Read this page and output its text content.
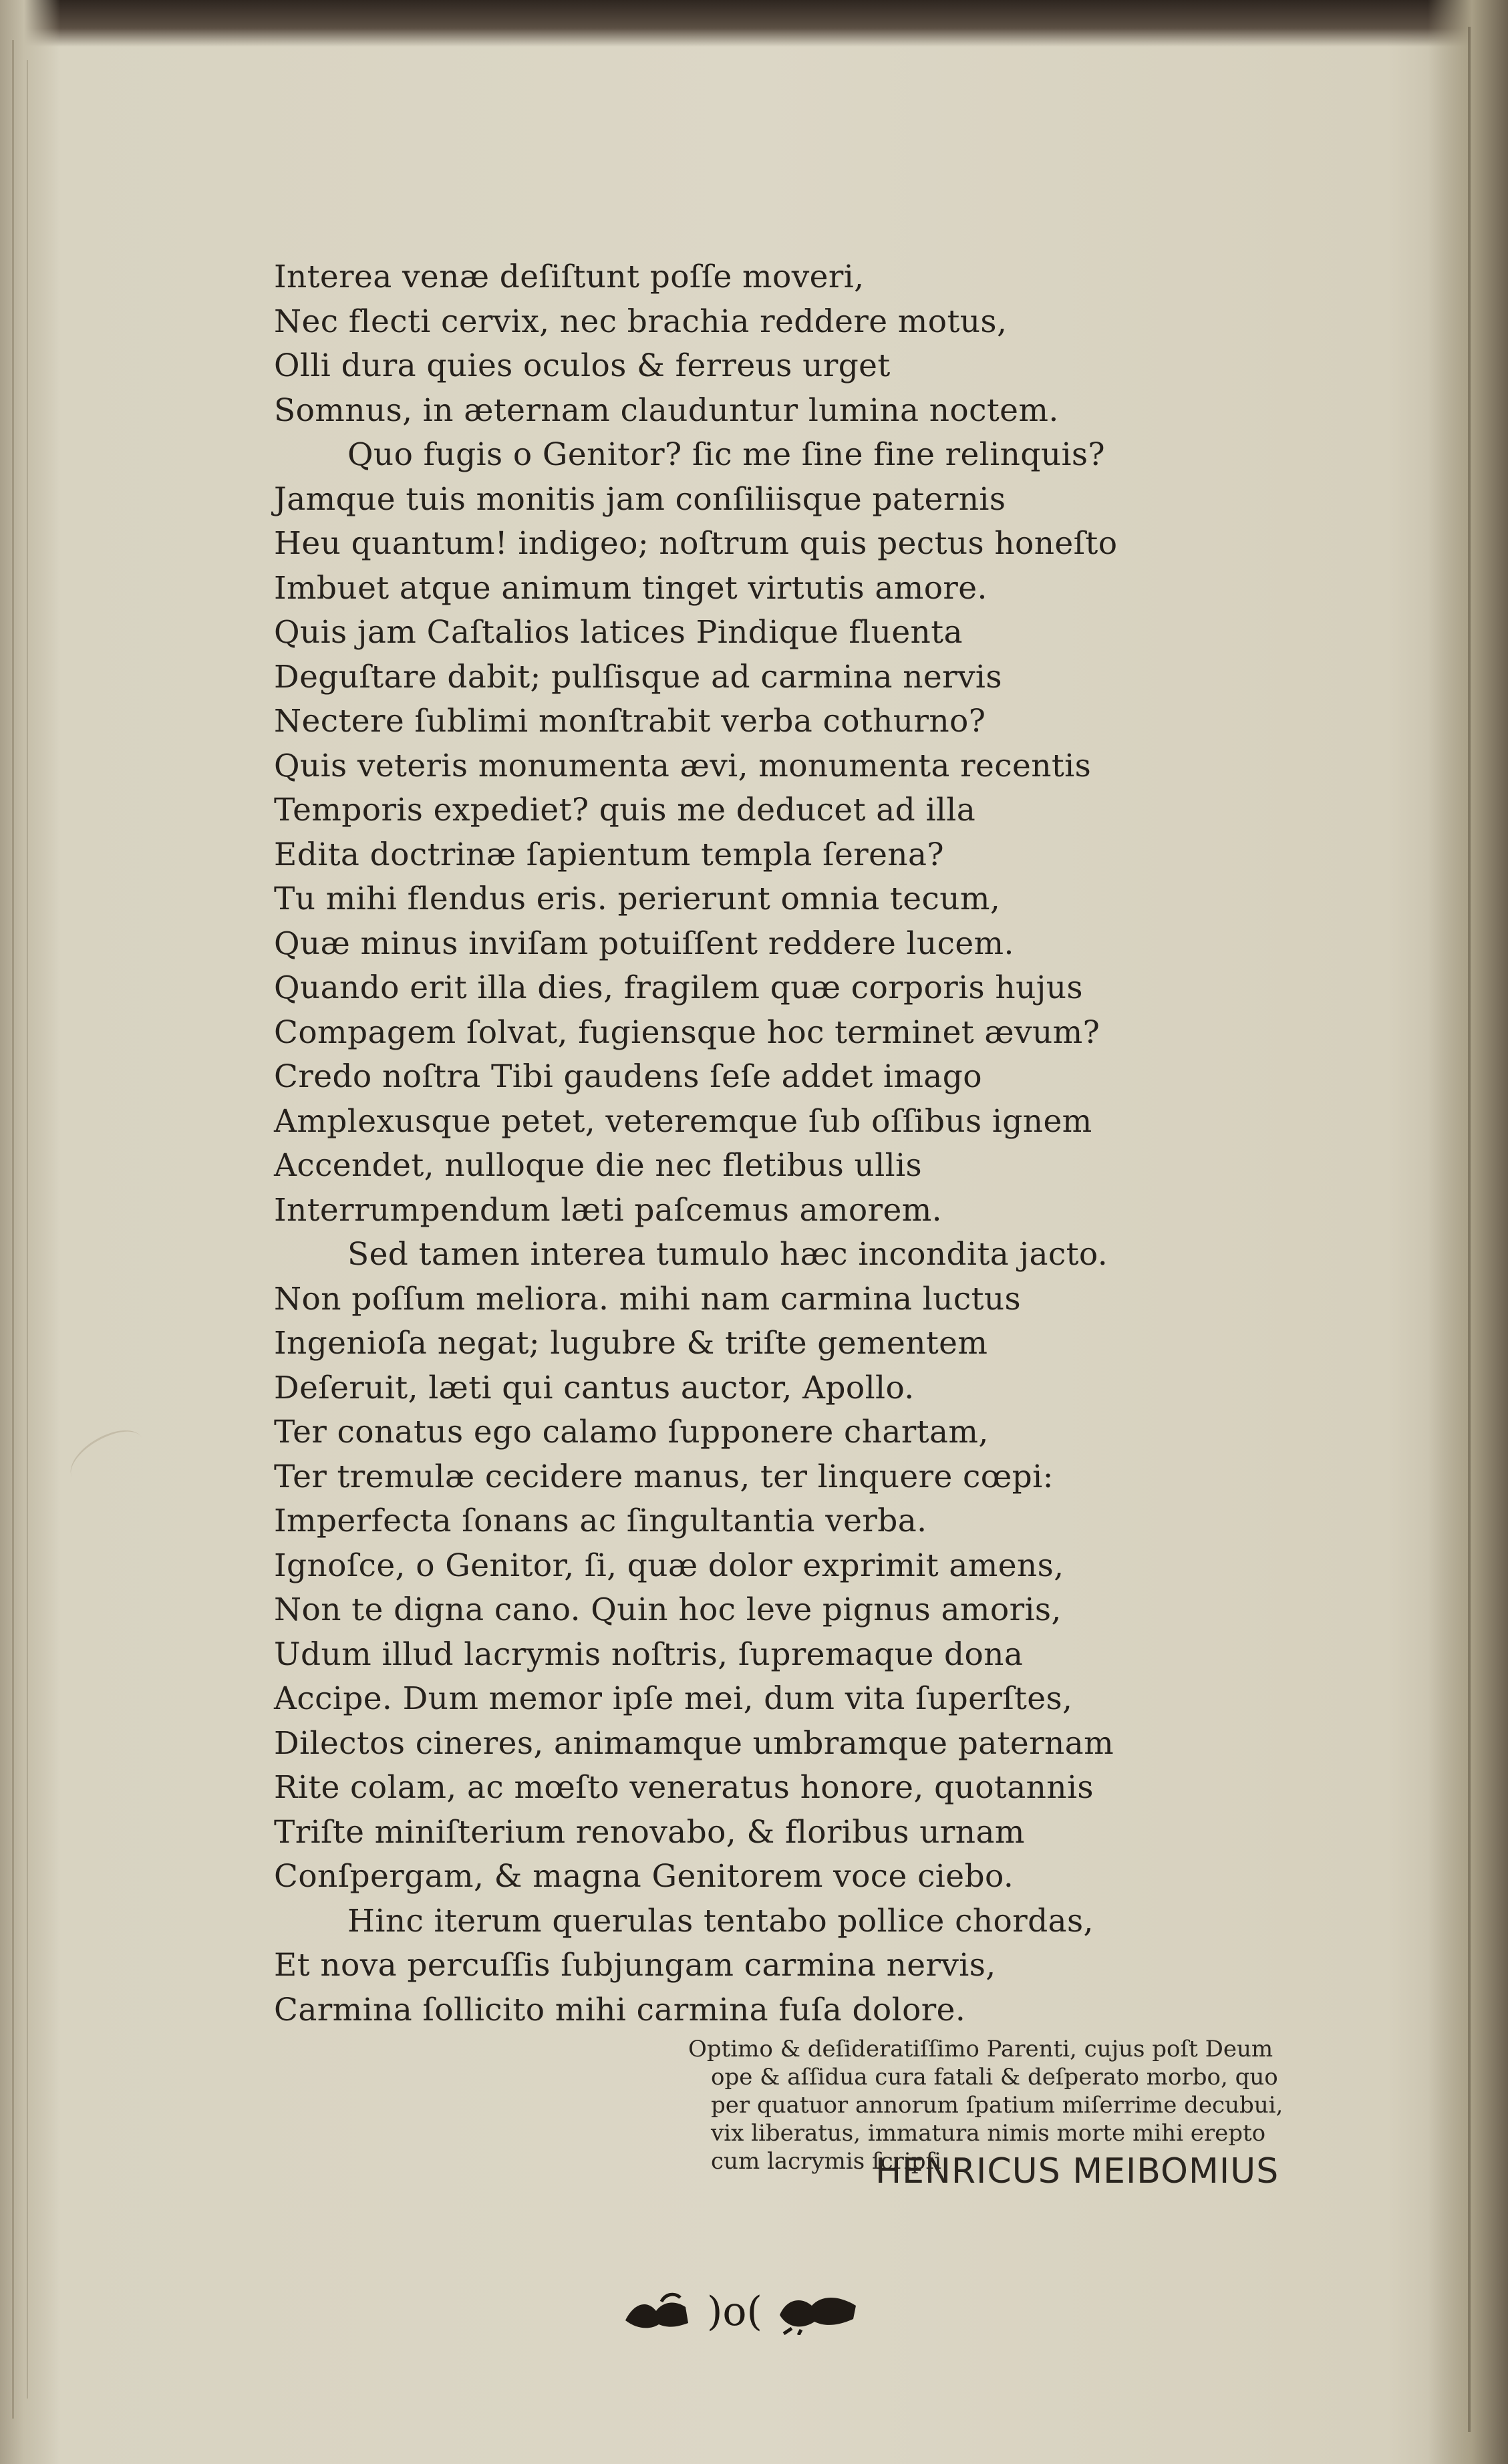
Interea venæ deſiſtunt poſſe moveri,
Nec flecti cervix, nec brachia reddere motus,
Olli dura quies oculos & ferreus urget
Somnus, in æternam clauduntur lumina noctem.
Quo fugis o Genitor? ſic me ſine fine relinquis?
Jamque tuis monitis jam conſiliisque paternis
Heu quantum! indigeo; noſtrum quis pectus honeſto
Imbuet atque animum tinget virtutis amore.
Quis jam Caſtalios latices Pindique fluenta
Deguſtare dabit; pulſisque ad carmina nervis
Nectere ſublimi monſtrabit verba cothurno?
Quis veteris monumenta ævi, monumenta recentis
Temporis expediet? quis me deducet ad illa
Edita doctrinæ ſapientum templa ſerena?
Tu mihi flendus eris. perierunt omnia tecum,
Quæ minus inviſam potuiſſent reddere lucem.
Quando erit illa dies, fragilem quæ corporis hujus
Compagem ſolvat, fugiensque hoc terminet ævum?
Credo noſtra Tibi gaudens ſeſe addet imago
Amplexusque petet, veteremque ſub oſſibus ignem
Accendet, nulloque die nec fletibus ullis
Interrumpendum læti paſcemus amorem.
Sed tamen interea tumulo hæc incondita jacto.
Non poſſum meliora. mihi nam carmina luctus
Ingenioſa negat; lugubre & triſte gementem
Deſeruit, læti qui cantus auctor, Apollo.
Ter conatus ego calamo ſupponere chartam,
Ter tremulæ cecidere manus, ter linquere cœpi:
Imperfecta ſonans ac ſingultantia verba.
Ignoſce, o Genitor, ſi, quæ dolor exprimit amens,
Non te digna cano. Quin hoc leve pignus amoris,
Udum illud lacrymis noſtris, ſupremaque dona
Accipe. Dum memor ipſe mei, dum vita ſuperſtes,
Dilectos cineres, animamque umbramque paternam
Rite colam, ac mœſto veneratus honore, quotannis
Triſte miniſterium renovabo, & floribus urnam
Conſpergam, & magna Genitorem voce ciebo.
Hinc iterum querulas tentabo pollice chordas,
Et nova percuſſis ſubjungam carmina nervis,
Carmina ſollicito mihi carmina fuſa dolore.
Optimo & deſideratiſſimo Parenti, cujus poſt Deum
ope & aſſidua cura fatali & deſperato morbo, quo
per quatuor annorum ſpatium miſerrime decubui,
vix liberatus, immatura nimis morte mihi erepto
cum lacrymis ſcripſi
HENRICUS MEIBOMIUS
)o(
